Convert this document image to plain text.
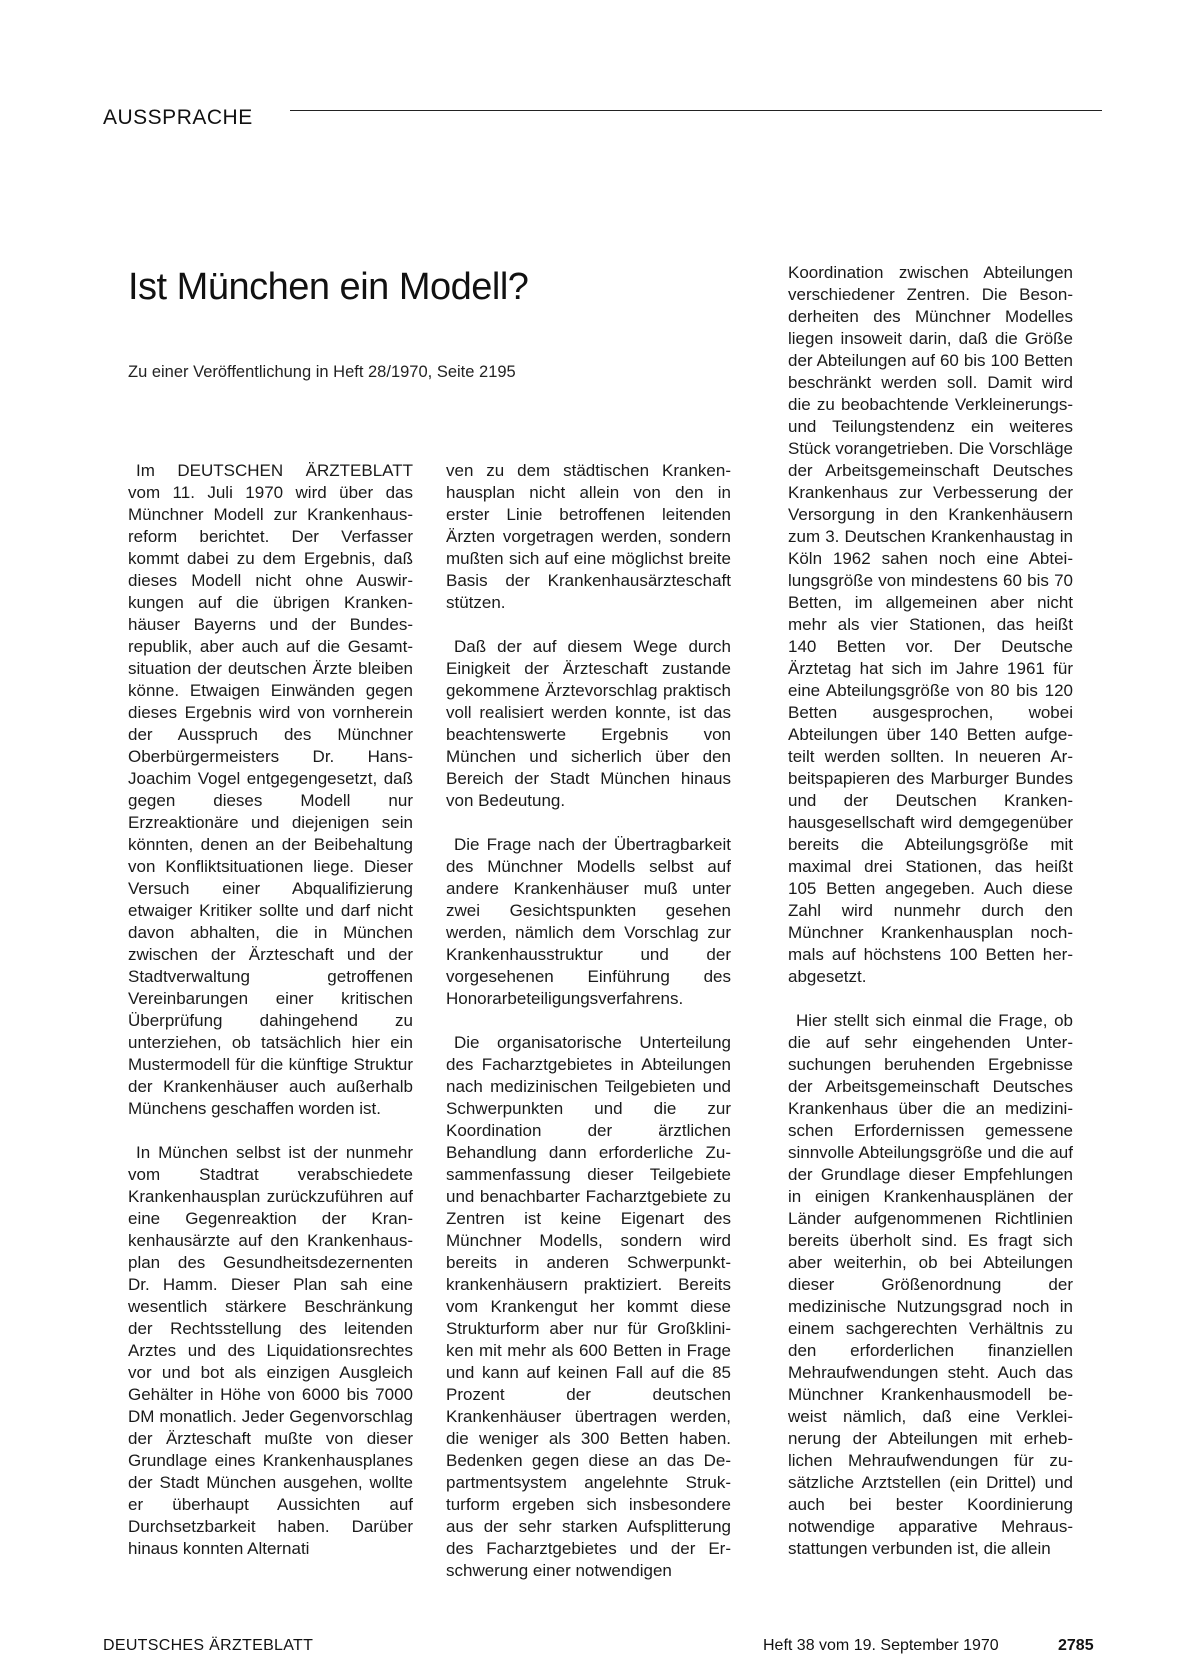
AUSSPRACHE
Ist München ein Modell?

Zu einer Veröffentlichung in Heft 28/1970, Seite 2195

Im DEUTSCHEN ÄRZTEBLATT vom 11. Juli 1970 wird über das Münchner Modell zur Krankenhausreform berichtet. Der Verfasser kommt dabei zu dem Ergebnis, daß dieses Modell nicht ohne Auswirkungen auf die übrigen Krankenhäuser Bayerns und der Bundesrepublik, aber auch auf die Gesamtsituation der deutschen Ärzte bleiben könne. Etwaigen Einwänden gegen dieses Ergebnis wird von vornherein der Ausspruch des Münchner Oberbürgermeisters Dr. Hans-Joachim Vogel entgegengesetzt, daß gegen dieses Modell nur Erzreaktionäre und diejenigen sein könnten, denen an der Beibehaltung von Konfliktsituationen liege. Dieser Versuch einer Abqualifizierung etwaiger Kritiker sollte und darf nicht davon abhalten, die in München zwischen der Ärzteschaft und der Stadtverwaltung getroffenen Vereinbarungen einer kritischen Überprüfung dahingehend zu unterziehen, ob tatsächlich hier ein Mustermodell für die künftige Struktur der Krankenhäuser auch außerhalb Münchens geschaffen worden ist.

In München selbst ist der nunmehr vom Stadtrat verabschiedete Krankenhausplan zurückzuführen auf eine Gegenreaktion der Krankenhausärzte auf den Krankenhausplan des Gesundheitsdezernenten Dr. Hamm. Dieser Plan sah eine wesentlich stärkere Beschränkung der Rechtsstellung des leitenden Arztes und des Liquidationsrechtes vor und bot als einzigen Ausgleich Gehälter in Höhe von 6000 bis 7000 DM monatlich. Jeder Gegenvorschlag der Ärzteschaft mußte von dieser Grundlage eines Krankenhausplanes der Stadt München ausgehen, wollte er überhaupt Aussichten auf Durchsetzbarkeit haben. Darüber hinaus konnten Alternati

ven zu dem städtischen Krankenhausplan nicht allein von den in erster Linie betroffenen leitenden Ärzten vorgetragen werden, sondern mußten sich auf eine möglichst breite Basis der Krankenhausärzteschaft stützen.

Daß der auf diesem Wege durch Einigkeit der Ärzteschaft zustande gekommene Ärztevorschlag praktisch voll realisiert werden konnte, ist das beachtenswerte Ergebnis von München und sicherlich über den Bereich der Stadt München hinaus von Bedeutung.

Die Frage nach der Übertragbarkeit des Münchner Modells selbst auf andere Krankenhäuser muß unter zwei Gesichtspunkten gesehen werden, nämlich dem Vorschlag zur Krankenhausstruktur und der vorgesehenen Einführung des Honorarbeteiligungsverfahrens.

Die organisatorische Unterteilung des Facharztgebietes in Abteilungen nach medizinischen Teilgebieten und Schwerpunkten und die zur Koordination der ärztlichen Behandlung dann erforderliche Zusammenfassung dieser Teilgebiete und benachbarter Facharztgebiete zu Zentren ist keine Eigenart des Münchner Modells, sondern wird bereits in anderen Schwerpunktkrankenhäusern praktiziert. Bereits vom Krankengut her kommt diese Strukturform aber nur für Großkliniken mit mehr als 600 Betten in Frage und kann auf keinen Fall auf die 85 Prozent der deutschen Krankenhäuser übertragen werden, die weniger als 300 Betten haben. Bedenken gegen diese an das Departmentsystem angelehnte Strukturform ergeben sich insbesondere aus der sehr starken Aufsplitterung des Facharztgebietes und der Erschwerung einer notwendigen

Koordination zwischen Abteilungen verschiedener Zentren. Die Besonderheiten des Münchner Modelles liegen insoweit darin, daß die Größe der Abteilungen auf 60 bis 100 Betten beschränkt werden soll. Damit wird die zu beobachtende Verkleinerungs- und Teilungstendenz ein weiteres Stück vorangetrieben. Die Vorschläge der Arbeitsgemeinschaft Deutsches Krankenhaus zur Verbesserung der Versorgung in den Krankenhäusern zum 3. Deutschen Krankenhaustag in Köln 1962 sahen noch eine Abteilungsgröße von mindestens 60 bis 70 Betten, im allgemeinen aber nicht mehr als vier Stationen, das heißt 140 Betten vor. Der Deutsche Ärztetag hat sich im Jahre 1961 für eine Abteilungsgröße von 80 bis 120 Betten ausgesprochen, wobei Abteilungen über 140 Betten aufgeteilt werden sollten. In neueren Arbeitspapieren des Marburger Bundes und der Deutschen Krankenhausgesellschaft wird demgegenüber bereits die Abteilungsgröße mit maximal drei Stationen, das heißt 105 Betten angegeben. Auch diese Zahl wird nunmehr durch den Münchner Krankenhausplan nochmals auf höchstens 100 Betten herabgesetzt.

Hier stellt sich einmal die Frage, ob die auf sehr eingehenden Untersuchungen beruhenden Ergebnisse der Arbeitsgemeinschaft Deutsches Krankenhaus über die an medizinischen Erfordernissen gemessene sinnvolle Abteilungsgröße und die auf der Grundlage dieser Empfehlungen in einigen Krankenhausplänen der Länder aufgenommenen Richtlinien bereits überholt sind. Es fragt sich aber weiterhin, ob bei Abteilungen dieser Größenordnung der medizinische Nutzungsgrad noch in einem sachgerechten Verhältnis zu den erforderlichen finanziellen Mehraufwendungen steht. Auch das Münchner Krankenhausmodell beweist nämlich, daß eine Verkleinerung der Abteilungen mit erheblichen Mehraufwendungen für zusätzliche Arztstellen (ein Drittel) und auch bei bester Koordinierung notwendige apparative Mehrausstattungen verbunden ist, die allein

DEUTSCHES ÄRZTEBLATT	Heft 38 vom 19. September 1970	2785
